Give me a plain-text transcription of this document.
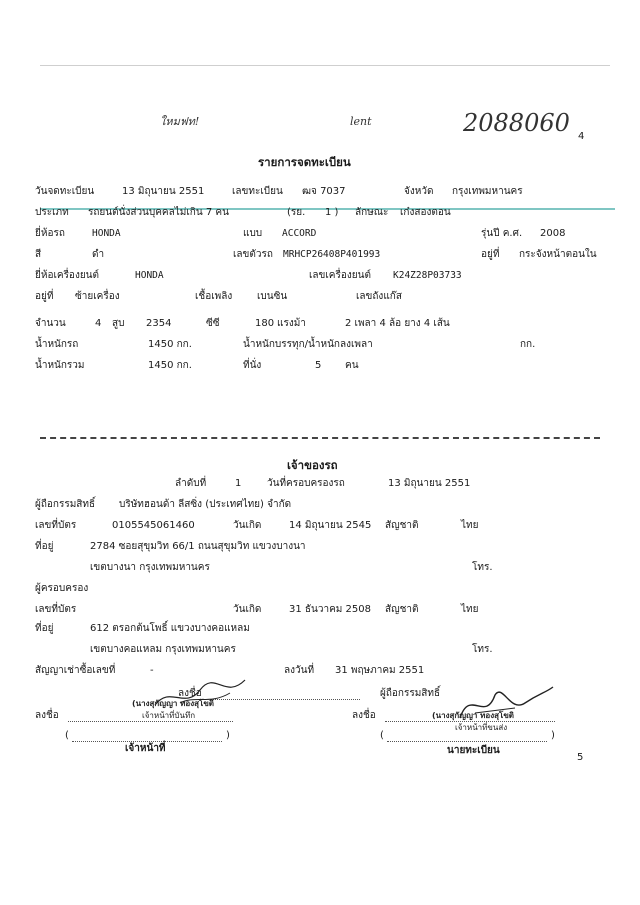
ใหมฟท!	lent	2088060 4
รายการจดทะเบียน
วันจดทะเบียน	13 มิถุนายน 2551	เลขทะเบียน ฒจ 7037	จังหวัด กรุงเทพมหานคร
ประเภท รถยนต์นั่งส่วนบุคคลไม่เกิน 7 คน	(รย. 1 ) ลักษณะ เก๋งสองตอน
ยี่ห้อรถ	HONDA	แบบ ACCORD	รุ่นปี ค.ศ. 2008
สี	ดำ	เลขตัวรถ MRHCP26408P401993	อยู่ที่ กระจังหน้าตอนใน
ยี่ห้อเครื่องยนต์	HONDA	เลขเครื่องยนต์ K24Z28P03733
อยู่ที่ ซ้ายเครื่อง	เชื้อเพลิง เบนซิน	เลขถังแก๊ส
จำนวน	4 สูบ 2354	ซีซี	180 แรงม้า	2 เพลา 4 ล้อ ยาง 4 เส้น
น้ำหนักรถ	1450 กก.	น้ำหนักบรรทุก/น้ำหนักลงเพลา	กก.
น้ำหนักรวม	1450 กก.	ที่นั่ง	5 คน
เจ้าของรถ
ลำดับที่	1	วันที่ครอบครองรถ	13 มิถุนายน 2551
ผู้ถือกรรมสิทธิ์ บริษัทฮอนด้า ลีสซิ่ง (ประเทศไทย) จำกัด
เลขที่บัตร	0105545061460	วันเกิด	14 มิถุนายน 2545 สัญชาติ	ไทย
ที่อยู่	2784 ซอยสุขุมวิท 66/1 ถนนสุขุมวิท แขวงบางนา
เขตบางนา กรุงเทพมหานคร	โทร.
ผู้ครอบครอง
เลขที่บัตร	วันเกิด	31 ธันวาคม 2508 สัญชาติ	ไทย
ที่อยู่	612 ตรอกต้นโพธิ์ แขวงบางคอแหลม
เขตบางคอแหลม กรุงเทพมหานคร	โทร.
สัญญาเช่าซื้อเลขที่	-	ลงวันที่ 31 พฤษภาคม 2551
ลงชื่อ	ผู้ถือกรรมสิทธิ์
ลงชื่อ	ลงชื่อ
(	)	(	)
(นางสุกัญญา ทองสุโขติ
เจ้าหน้าที่บันทึก	(นางสุกัญญา ทองสุโขติ
เจ้าหน้าที่ขนส่ง
เจ้าหน้าที่	นายทะเบียน
5
